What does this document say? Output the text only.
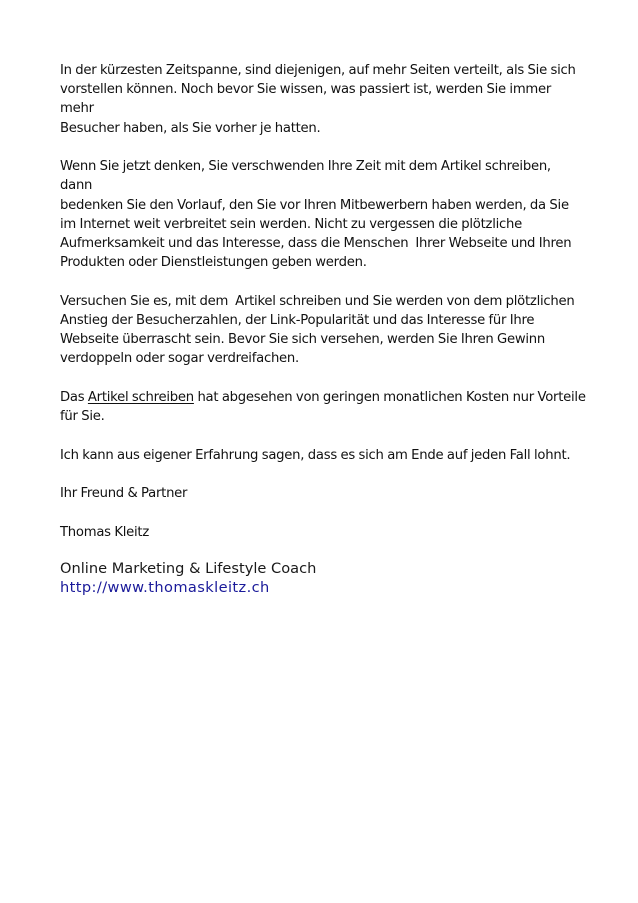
In der kürzesten Zeitspanne, sind diejenigen, auf mehr Seiten verteilt, als Sie sich
vorstellen können. Noch bevor Sie wissen, was passiert ist, werden Sie immer mehr
Besucher haben, als Sie vorher je hatten.
Wenn Sie jetzt denken, Sie verschwenden Ihre Zeit mit dem Artikel schreiben, dann
bedenken Sie den Vorlauf, den Sie vor Ihren Mitbewerbern haben werden, da Sie
im Internet weit verbreitet sein werden. Nicht zu vergessen die plötzliche
Aufmerksamkeit und das Interesse, dass die Menschen  Ihrer Webseite und Ihren
Produkten oder Dienstleistungen geben werden.
Versuchen Sie es, mit dem  Artikel schreiben und Sie werden von dem plötzlichen
Anstieg der Besucherzahlen, der Link-Popularität und das Interesse für Ihre
Webseite überrascht sein. Bevor Sie sich versehen, werden Sie Ihren Gewinn
verdoppeln oder sogar verdreifachen.
Das Artikel schreiben hat abgesehen von geringen monatlichen Kosten nur Vorteile
für Sie.
Ich kann aus eigener Erfahrung sagen, dass es sich am Ende auf jeden Fall lohnt.
Ihr Freund & Partner
Thomas Kleitz
Online Marketing & Lifestyle Coach
http://www.thomaskleitz.ch
